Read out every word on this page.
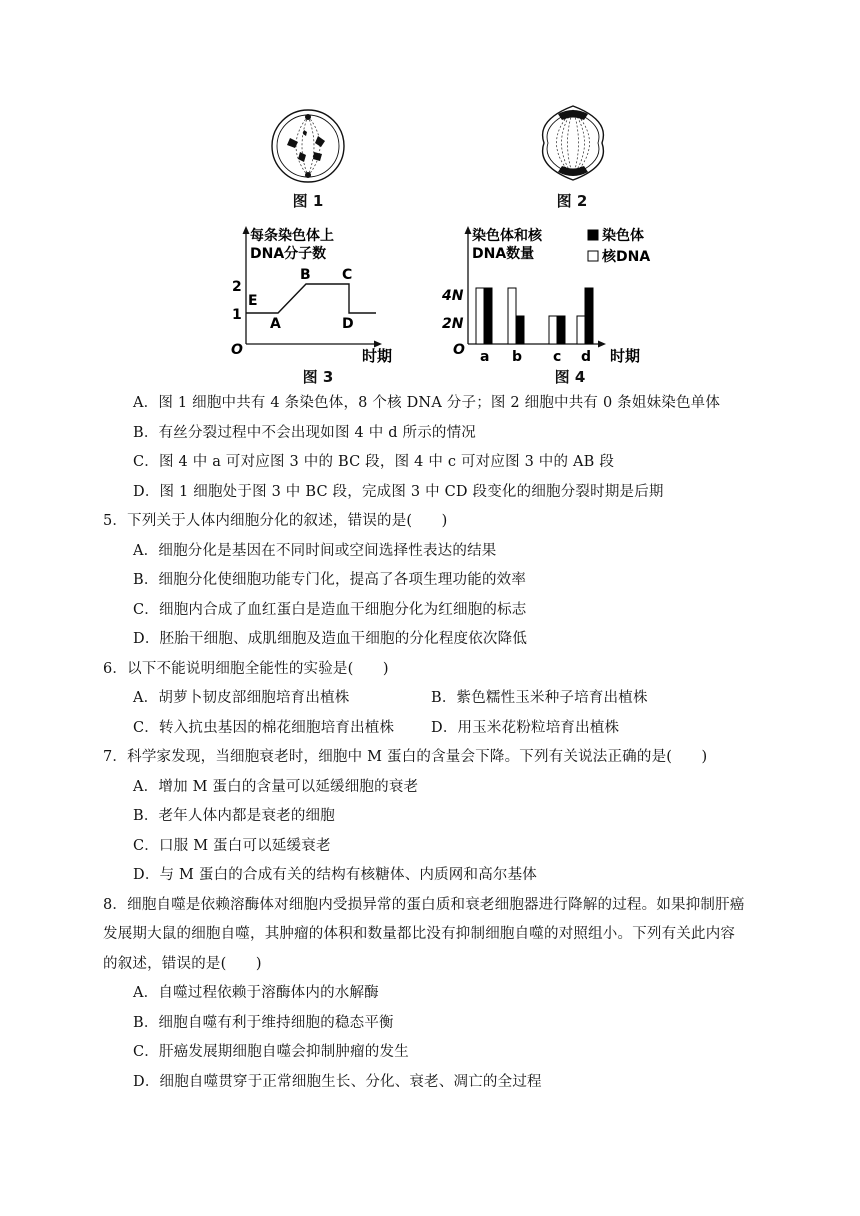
图 1	图 2
每条染色体上
DNA分子数
O	时期
1
2
E
A
B C
D
图 3
染色体和核
DNA数量
染色体
核DNA
O	时期
2N
4N
a b c d
图 4
A．图 1 细胞中共有 4 条染色体，8 个核 DNA 分子；图 2 细胞中共有 0 条姐妹染色单体
B．有丝分裂过程中不会出现如图 4 中 d 所示的情况
C．图 4 中 a 可对应图 3 中的 BC 段，图 4 中 c 可对应图 3 中的 AB 段
D．图 1 细胞处于图 3 中 BC 段，完成图 3 中 CD 段变化的细胞分裂时期是后期
5．下列关于人体内细胞分化的叙述，错误的是(　　)
A．细胞分化是基因在不同时间或空间选择性表达的结果
B．细胞分化使细胞功能专门化，提高了各项生理功能的效率
C．细胞内合成了血红蛋白是造血干细胞分化为红细胞的标志
D．胚胎干细胞、成肌细胞及造血干细胞的分化程度依次降低
6．以下不能说明细胞全能性的实验是(　　)
A．胡萝卜韧皮部细胞培育出植株	B．紫色糯性玉米种子培育出植株
C．转入抗虫基因的棉花细胞培育出植株	D．用玉米花粉粒培育出植株
7．科学家发现，当细胞衰老时，细胞中 M 蛋白的含量会下降。下列有关说法正确的是(　　)
A．增加 M 蛋白的含量可以延缓细胞的衰老
B．老年人体内都是衰老的细胞
C．口服 M 蛋白可以延缓衰老
D．与 M 蛋白的合成有关的结构有核糖体、内质网和高尔基体
8．细胞自噬是依赖溶酶体对细胞内受损异常的蛋白质和衰老细胞器进行降解的过程。如果抑制肝癌
发展期大鼠的细胞自噬，其肿瘤的体积和数量都比没有抑制细胞自噬的对照组小。下列有关此内容
的叙述，错误的是(　　)
A．自噬过程依赖于溶酶体内的水解酶
B．细胞自噬有利于维持细胞的稳态平衡
C．肝癌发展期细胞自噬会抑制肿瘤的发生
D．细胞自噬贯穿于正常细胞生长、分化、衰老、凋亡的全过程
